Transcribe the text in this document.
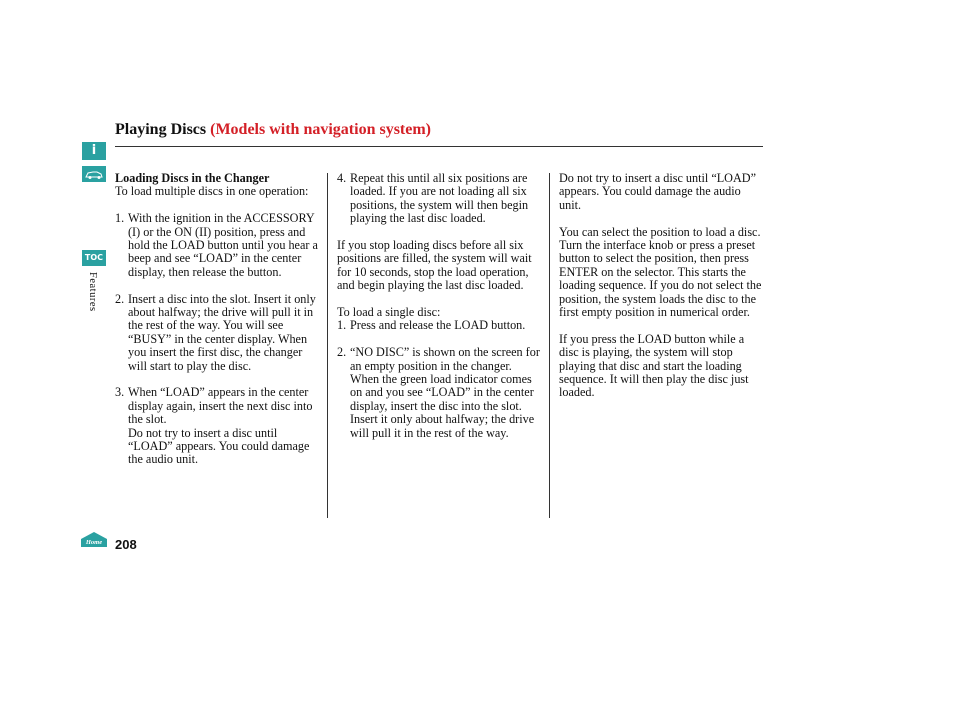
Playing Discs (Models with navigation system)
i
TOC
Features
Home
Loading Discs in the Changer

To load multiple discs in one operation:

1. With the ignition in the ACCESSORY (I) or the ON (II) position, press and hold the LOAD button until you hear a beep and see “LOAD” in the center display, then release the button.
2. Insert a disc into the slot. Insert it only about halfway; the drive will pull it in the rest of the way. You will see “BUSY” in the center display. When you insert the first disc, the changer will start to play the disc.
3. When “LOAD” appears in the center display again, insert the next disc into the slot.
Do not try to insert a disc until “LOAD” appears. You could damage the audio unit.
4. Repeat this until all six positions are loaded. If you are not loading all six positions, the system will then begin playing the last disc loaded.

If you stop loading discs before all six positions are filled, the system will wait for 10 seconds, stop the load operation, and begin playing the last disc loaded.

To load a single disc:

1. Press and release the LOAD button.
2. “NO DISC” is shown on the screen for an empty position in the changer. When the green load indicator comes on and you see “LOAD” in the center display, insert the disc into the slot. Insert it only about halfway; the drive will pull it in the rest of the way.

Do not try to insert a disc until “LOAD” appears. You could damage the audio unit.

You can select the position to load a disc. Turn the interface knob or press a preset button to select the position, then press ENTER on the selector. This starts the loading sequence. If you do not select the position, the system loads the disc to the first empty position in numerical order.

If you press the LOAD button while a disc is playing, the system will stop playing that disc and start the loading sequence. It will then play the disc just loaded.

208
